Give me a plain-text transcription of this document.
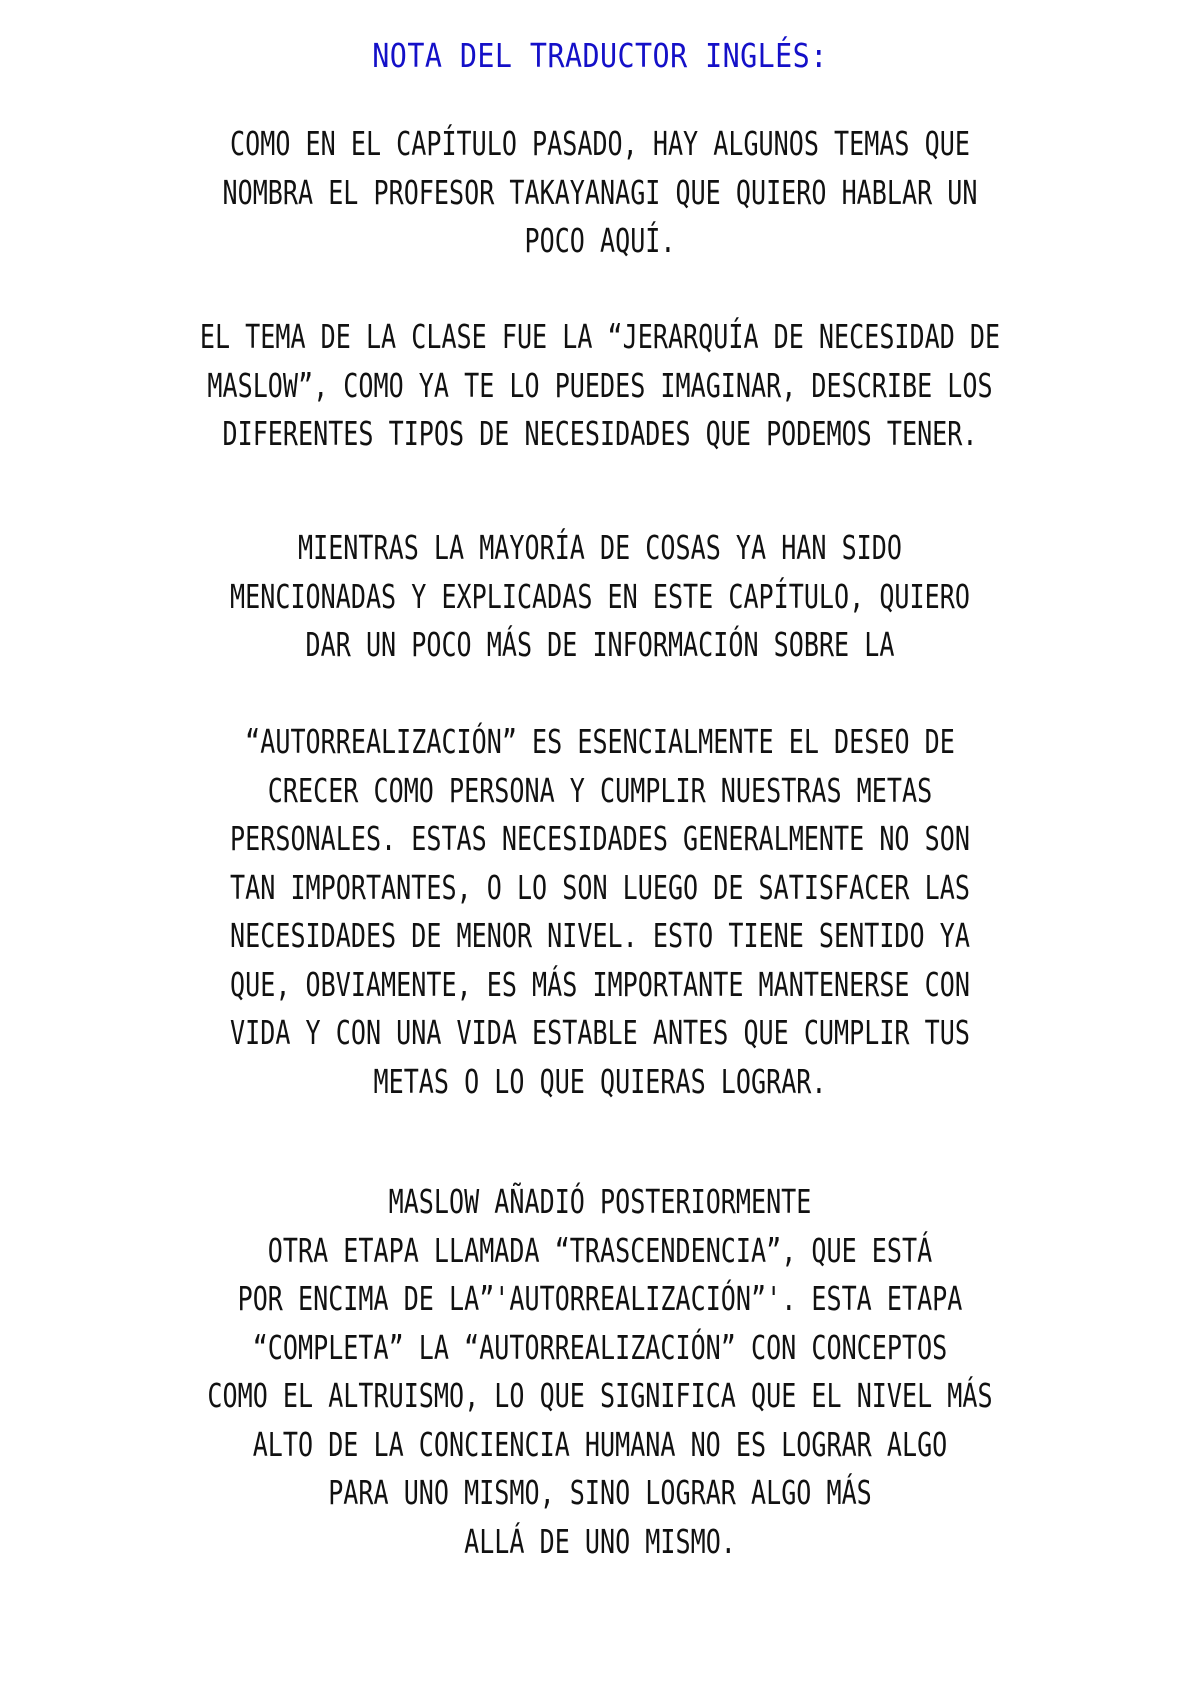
NOTA DEL TRADUCTOR INGLÉS:
COMO EN EL CAPÍTULO PASADO, HAY ALGUNOS TEMAS QUE
NOMBRA EL PROFESOR TAKAYANAGI QUE QUIERO HABLAR UN
POCO AQUÍ.
EL TEMA DE LA CLASE FUE LA “JERARQUÍA DE NECESIDAD DE
MASLOW”, COMO YA TE LO PUEDES IMAGINAR, DESCRIBE LOS
DIFERENTES TIPOS DE NECESIDADES QUE PODEMOS TENER.
MIENTRAS LA MAYORÍA DE COSAS YA HAN SIDO
MENCIONADAS Y EXPLICADAS EN ESTE CAPÍTULO, QUIERO
DAR UN POCO MÁS DE INFORMACIÓN SOBRE LA
“AUTORREALIZACIÓN” ES ESENCIALMENTE EL DESEO DE
CRECER COMO PERSONA Y CUMPLIR NUESTRAS METAS
PERSONALES. ESTAS NECESIDADES GENERALMENTE NO SON
TAN IMPORTANTES, O LO SON LUEGO DE SATISFACER LAS
NECESIDADES DE MENOR NIVEL. ESTO TIENE SENTIDO YA
QUE, OBVIAMENTE, ES MÁS IMPORTANTE MANTENERSE CON
VIDA Y CON UNA VIDA ESTABLE ANTES QUE CUMPLIR TUS
METAS O LO QUE QUIERAS LOGRAR.
MASLOW AÑADIÓ POSTERIORMENTE
OTRA ETAPA LLAMADA “TRASCENDENCIA”, QUE ESTÁ
POR ENCIMA DE LA”'AUTORREALIZACIÓN”'. ESTA ETAPA
“COMPLETA” LA “AUTORREALIZACIÓN” CON CONCEPTOS
COMO EL ALTRUISMO, LO QUE SIGNIFICA QUE EL NIVEL MÁS
ALTO DE LA CONCIENCIA HUMANA NO ES LOGRAR ALGO
PARA UNO MISMO, SINO LOGRAR ALGO MÁS
ALLÁ DE UNO MISMO.
